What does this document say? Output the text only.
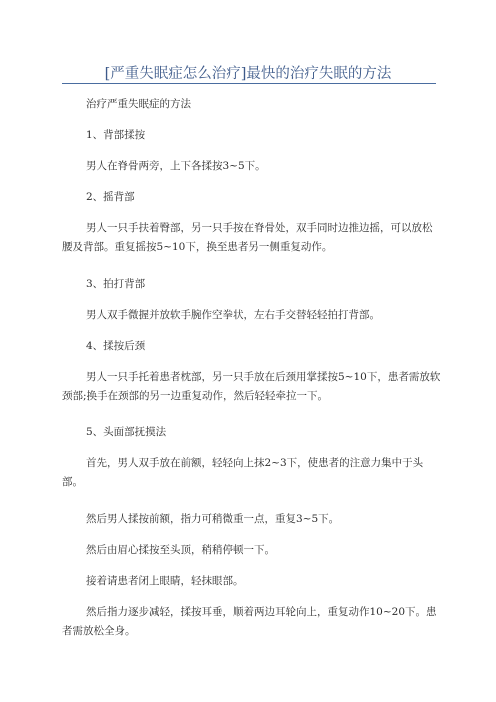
[严重失眠症怎么治疗]最快的治疗失眠的方法
治疗严重失眠症的方法
1、背部揉按
男人在脊骨两旁，上下各揉按3~5下。
2、摇背部
男人一只手扶着臀部，另一只手按在脊骨处，双手同时边推边摇，可以放松腰及背部。重复摇按5~10下，换至患者另一侧重复动作。
3、拍打背部
男人双手微握并放软手腕作空拳状，左右手交替轻轻拍打背部。
4、揉按后颈
男人一只手托着患者枕部，另一只手放在后颈用掌揉按5~10下，患者需放软颈部;换手在颈部的另一边重复动作，然后轻轻牵拉一下。
5、头面部抚摸法
首先，男人双手放在前额，轻轻向上抹2~3下，使患者的注意力集中于头部。
然后男人揉按前额，指力可稍微重一点，重复3~5下。
然后由眉心揉按至头顶，稍稍停顿一下。
接着请患者闭上眼睛，轻抹眼部。
然后指力逐步减轻，揉按耳垂，顺着两边耳轮向上，重复动作10~20下。患者需放松全身。
